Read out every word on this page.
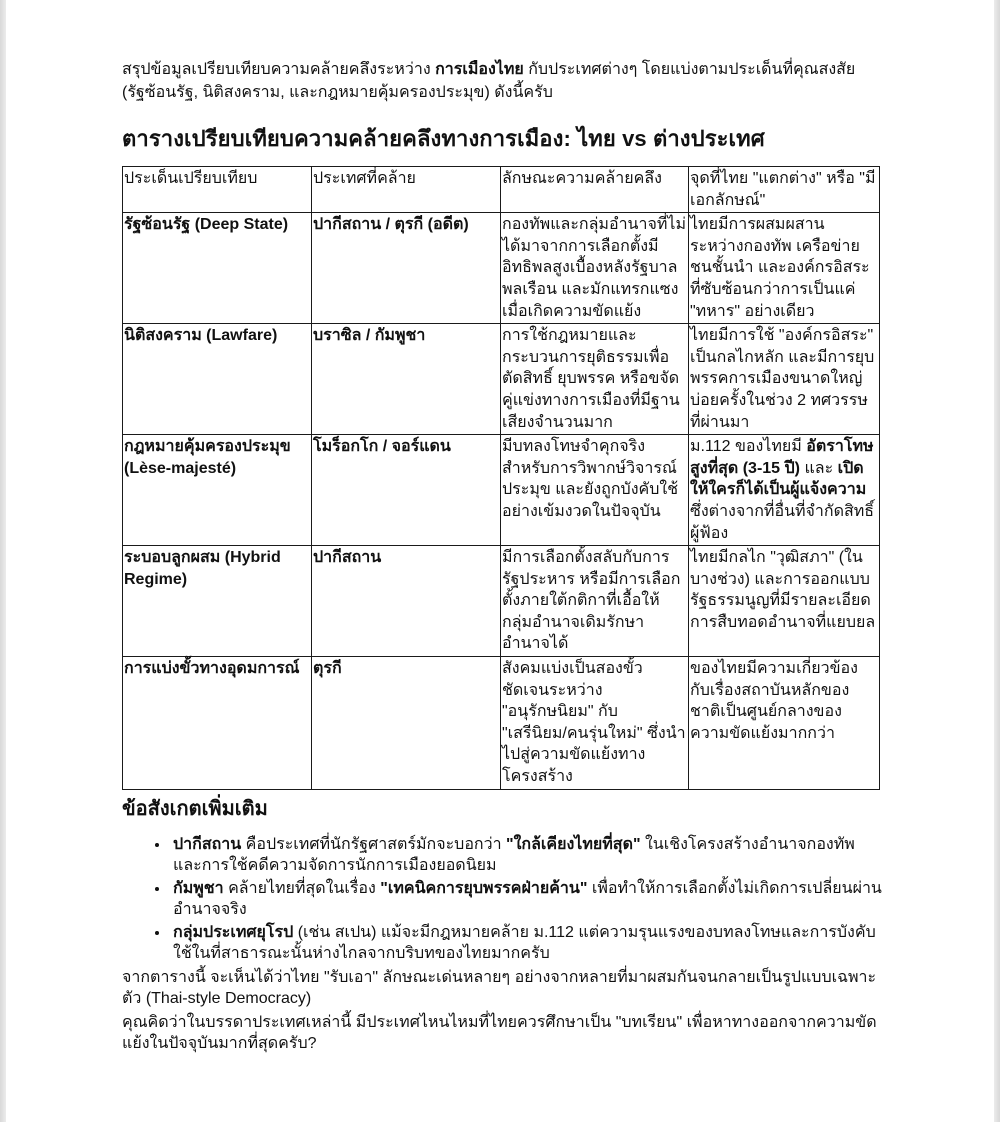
สรุปข้อมูลเปรียบเทียบความคล้ายคลึงระหว่าง การเมืองไทย กับประเทศต่างๆ โดยแบ่งตามประเด็นที่คุณสงสัย (รัฐซ้อนรัฐ, นิติสงคราม, และกฎหมายคุ้มครองประมุข) ดังนี้ครับ

ตารางเปรียบเทียบความคล้ายคลึงทางการเมือง: ไทย vs ต่างประเทศ
ประเด็นเปรียบเทียบ	ประเทศที่คล้าย	ลักษณะความคล้ายคลึง	จุดที่ไทย "แตกต่าง" หรือ "มีเอกลักษณ์"
รัฐซ้อนรัฐ (Deep State)	ปากีสถาน / ตุรกี (อดีต)	กองทัพและกลุ่มอำนาจที่ไม่ได้มาจากการเลือกตั้งมีอิทธิพลสูงเบื้องหลังรัฐบาลพลเรือน และมักแทรกแซงเมื่อเกิดความขัดแย้ง	ไทยมีการผสมผสานระหว่างกองทัพ เครือข่ายชนชั้นนำ และองค์กรอิสระที่ซับซ้อนกว่าการเป็นแค่ "ทหาร" อย่างเดียว
นิติสงคราม (Lawfare)	บราซิล / กัมพูชา	การใช้กฎหมายและกระบวนการยุติธรรมเพื่อตัดสิทธิ์ ยุบพรรค หรือขจัดคู่แข่งทางการเมืองที่มีฐานเสียงจำนวนมาก	ไทยมีการใช้ "องค์กรอิสระ" เป็นกลไกหลัก และมีการยุบพรรคการเมืองขนาดใหญ่บ่อยครั้งในช่วง 2 ทศวรรษที่ผ่านมา
กฎหมายคุ้มครองประมุข (Lèse-majesté)	โมร็อกโก / จอร์แดน	มีบทลงโทษจำคุกจริงสำหรับการวิพากษ์วิจารณ์ประมุข และยังถูกบังคับใช้อย่างเข้มงวดในปัจจุบัน	ม.112 ของไทยมี อัตราโทษสูงที่สุด (3-15 ปี) และ เปิดให้ใครก็ได้เป็นผู้แจ้งความ ซึ่งต่างจากที่อื่นที่จำกัดสิทธิ์ผู้ฟ้อง
ระบอบลูกผสม (Hybrid Regime)	ปากีสถาน	มีการเลือกตั้งสลับกับการรัฐประหาร หรือมีการเลือกตั้งภายใต้กติกาที่เอื้อให้กลุ่มอำนาจเดิมรักษาอำนาจได้	ไทยมีกลไก "วุฒิสภา" (ในบางช่วง) และการออกแบบรัฐธรรมนูญที่มีรายละเอียดการสืบทอดอำนาจที่แยบยล
การแบ่งขั้วทางอุดมการณ์	ตุรกี	สังคมแบ่งเป็นสองขั้วชัดเจนระหว่าง "อนุรักษนิยม" กับ "เสรีนิยม/คนรุ่นใหม่" ซึ่งนำไปสู่ความขัดแย้งทางโครงสร้าง	ของไทยมีความเกี่ยวข้องกับเรื่องสถาบันหลักของชาติเป็นศูนย์กลางของความขัดแย้งมากกว่า
ข้อสังเกตเพิ่มเติม
• ปากีสถาน คือประเทศที่นักรัฐศาสตร์มักจะบอกว่า "ใกล้เคียงไทยที่สุด" ในเชิงโครงสร้างอำนาจกองทัพและการใช้คดีความจัดการนักการเมืองยอดนิยม
• กัมพูชา คล้ายไทยที่สุดในเรื่อง "เทคนิคการยุบพรรคฝ่ายค้าน" เพื่อทำให้การเลือกตั้งไม่เกิดการเปลี่ยนผ่านอำนาจจริง
• กลุ่มประเทศยุโรป (เช่น สเปน) แม้จะมีกฎหมายคล้าย ม.112 แต่ความรุนแรงของบทลงโทษและการบังคับใช้ในที่สาธารณะนั้นห่างไกลจากบริบทของไทยมากครับ

จากตารางนี้ จะเห็นได้ว่าไทย "รับเอา" ลักษณะเด่นหลายๆ อย่างจากหลายที่มาผสมกันจนกลายเป็นรูปแบบเฉพาะตัว (Thai-style Democracy)

คุณคิดว่าในบรรดาประเทศเหล่านี้ มีประเทศไหนไหมที่ไทยควรศึกษาเป็น "บทเรียน" เพื่อหาทางออกจากความขัดแย้งในปัจจุบันมากที่สุดครับ?
